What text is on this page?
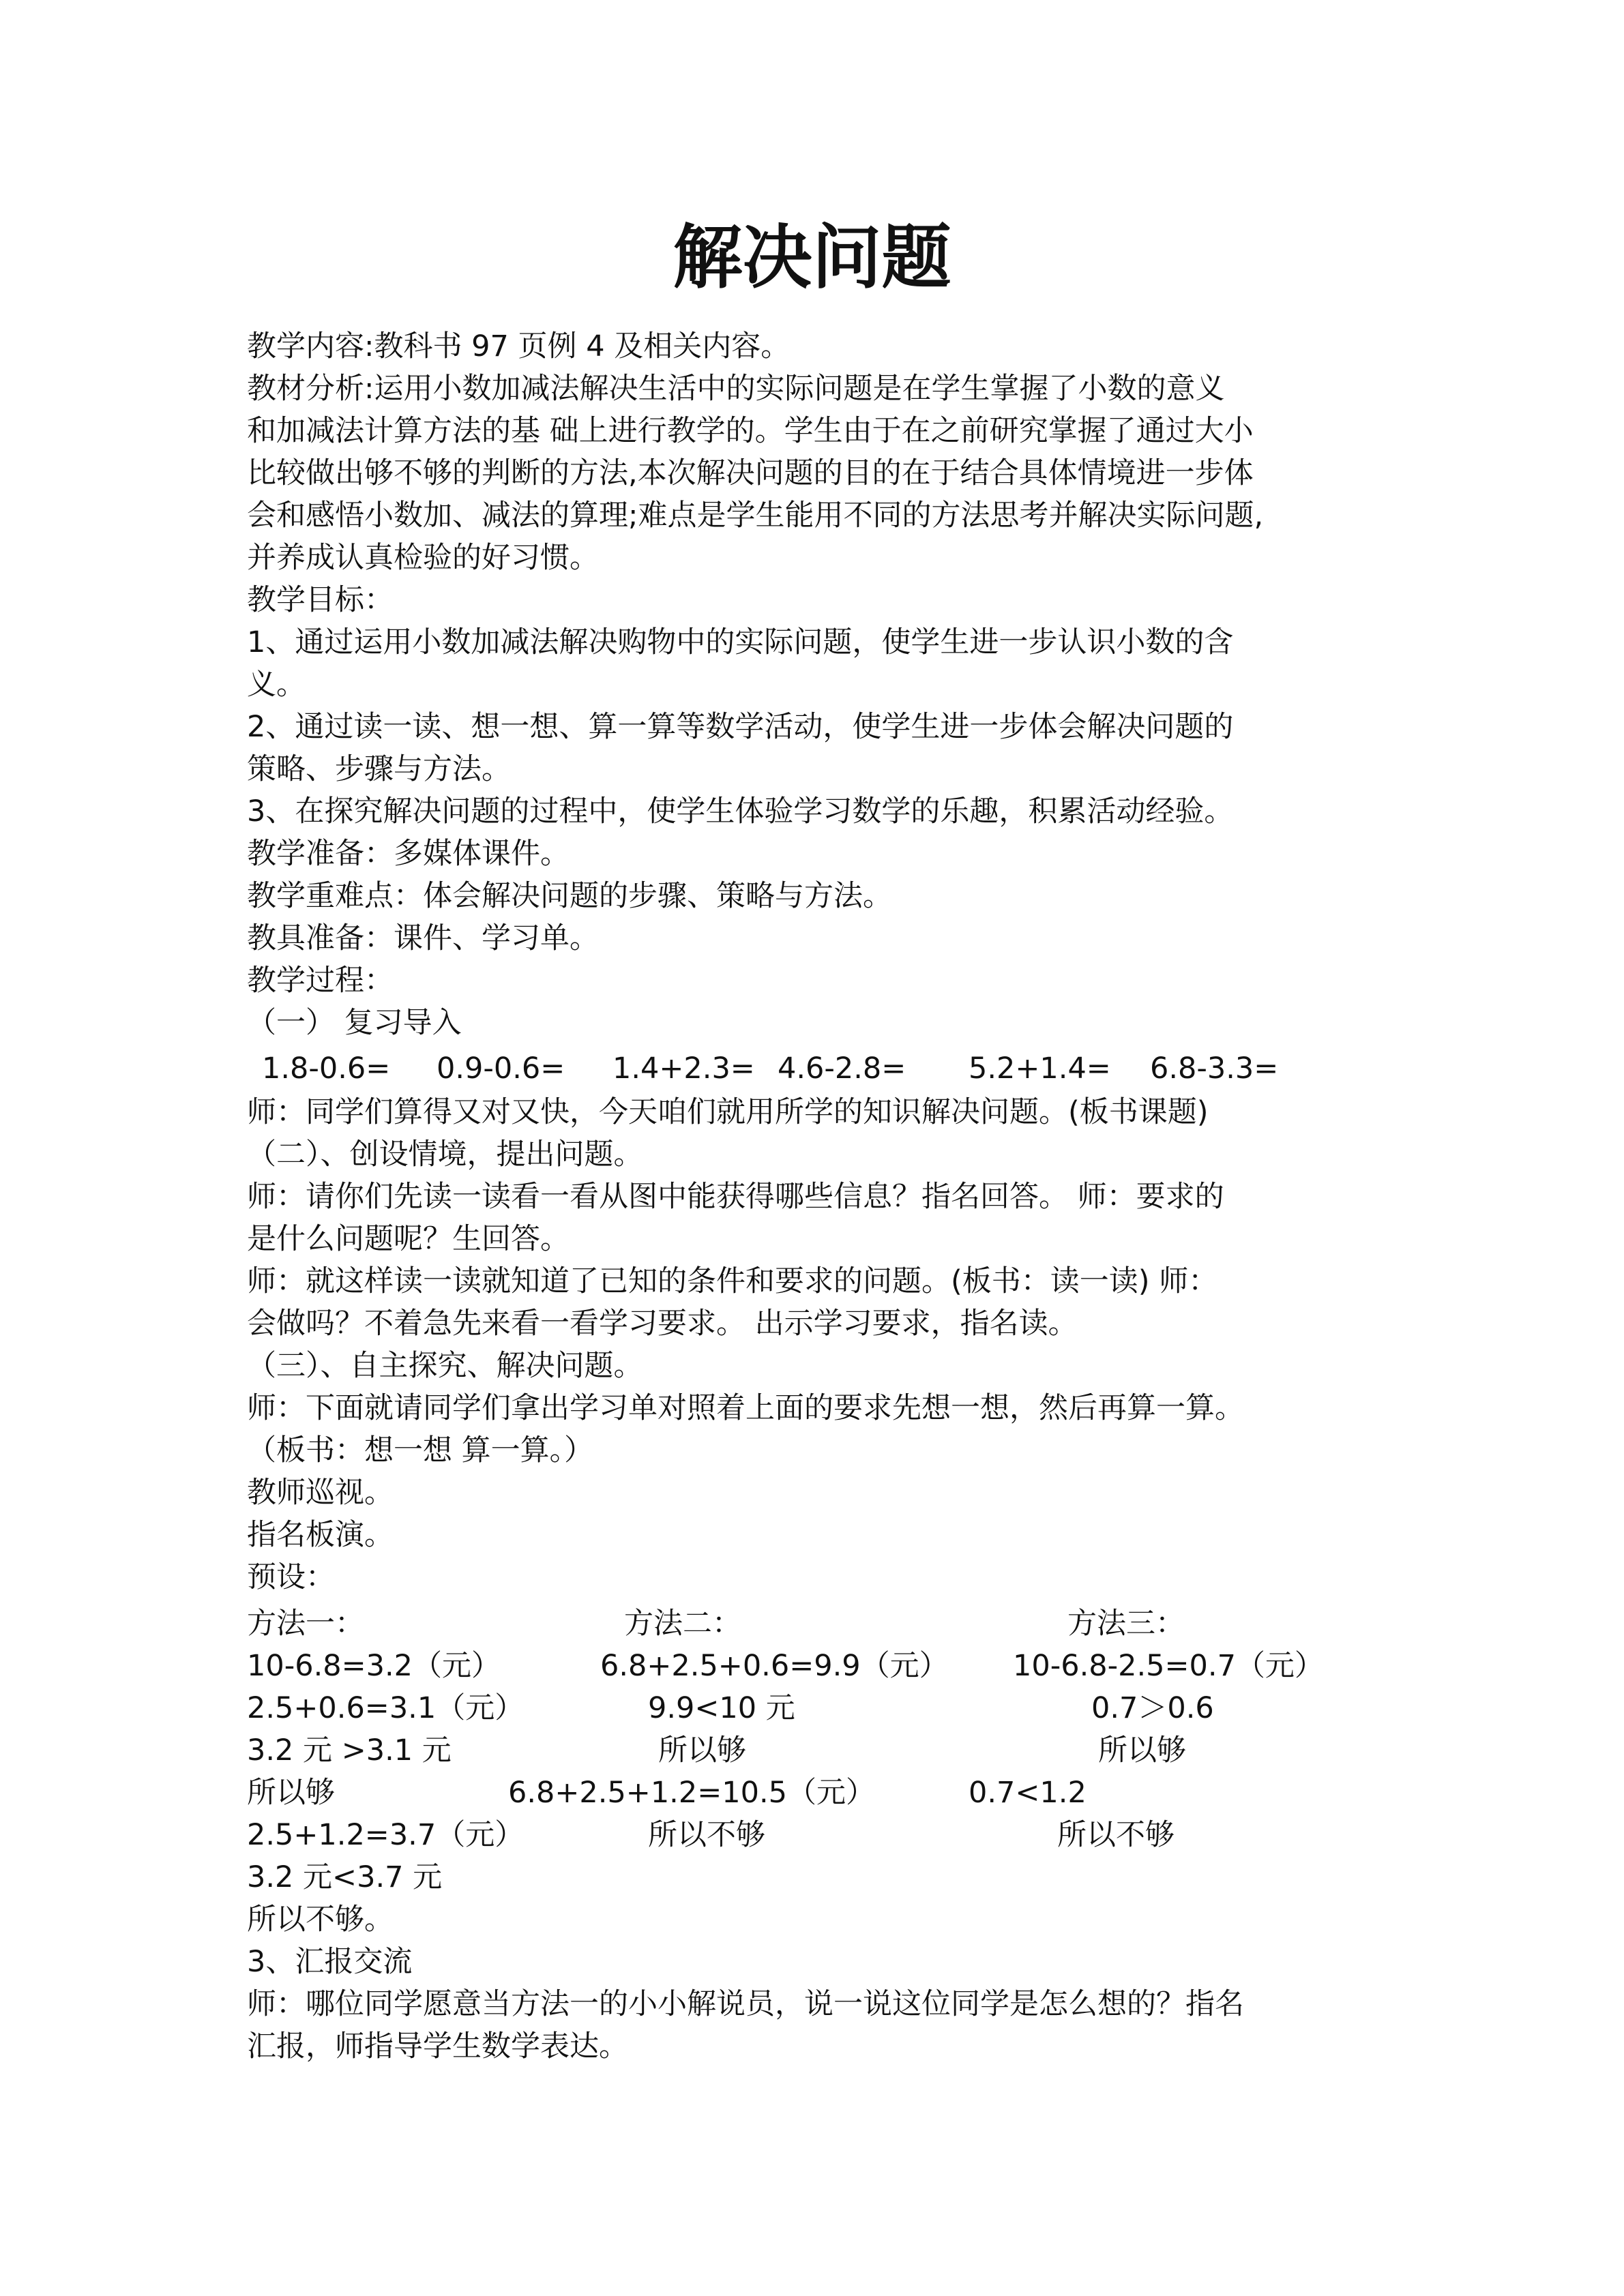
解决问题

教学内容:教科书 97 页例 4 及相关内容。

教材分析:运用小数加减法解决生活中的实际问题是在学生掌握了小数的意义

和加减法计算方法的基 础上进行教学的。学生由于在之前研究掌握了通过大小

比较做出够不够的判断的方法,本次解决问题的目的在于结合具体情境进一步体

会和感悟小数加、减法的算理;难点是学生能用不同的方法思考并解决实际问题,

并养成认真检验的好习惯。

教学目标：

1、通过运用小数加减法解决购物中的实际问题，使学生进一步认识小数的含

义。

2、通过读一读、想一想、算一算等数学活动，使学生进一步体会解决问题的

策略、步骤与方法。

3、在探究解决问题的过程中，使学生体验学习数学的乐趣，积累活动经验。

教学准备：多媒体课件。

教学重难点：体会解决问题的步骤、策略与方法。

教具准备：课件、学习单。

教学过程：

（一） 复习导入

1.8-0.6= 0.9-0.6= 1.4+2.3= 4.6-2.8= 5.2+1.4= 6.8-3.3=

师：同学们算得又对又快，今天咱们就用所学的知识解决问题。(板书课题)

（二）、创设情境，提出问题。

师：请你们先读一读看一看从图中能获得哪些信息？指名回答。 师：要求的

是什么问题呢？生回答。

师：就这样读一读就知道了已知的条件和要求的问题。(板书：读一读) 师：

会做吗？不着急先来看一看学习要求。 出示学习要求，指名读。

（三）、自主探究、解决问题。

师：下面就请同学们拿出学习单对照着上面的要求先想一想，然后再算一算。

（板书：想一想 算一算。）

教师巡视。

指名板演。

预设：

方法一：

10-6.8=3.2（元）

2.5+0.6=3.1（元）

3.2 元 >3.1 元

所以够

2.5+1.2=3.7（元）

3.2 元<3.7 元

所以不够。

方法二：

6.8+2.5+0.6=9.9（元）

9.9<10 元

所以够

6.8+2.5+1.2=10.5（元）

所以不够

方法三：

10-6.8-2.5=0.7（元）

0.7＞0.6

所以够

0.7<1.2

所以不够

3、汇报交流

师：哪位同学愿意当方法一的小小解说员，说一说这位同学是怎么想的？指名

汇报，师指导学生数学表达。
